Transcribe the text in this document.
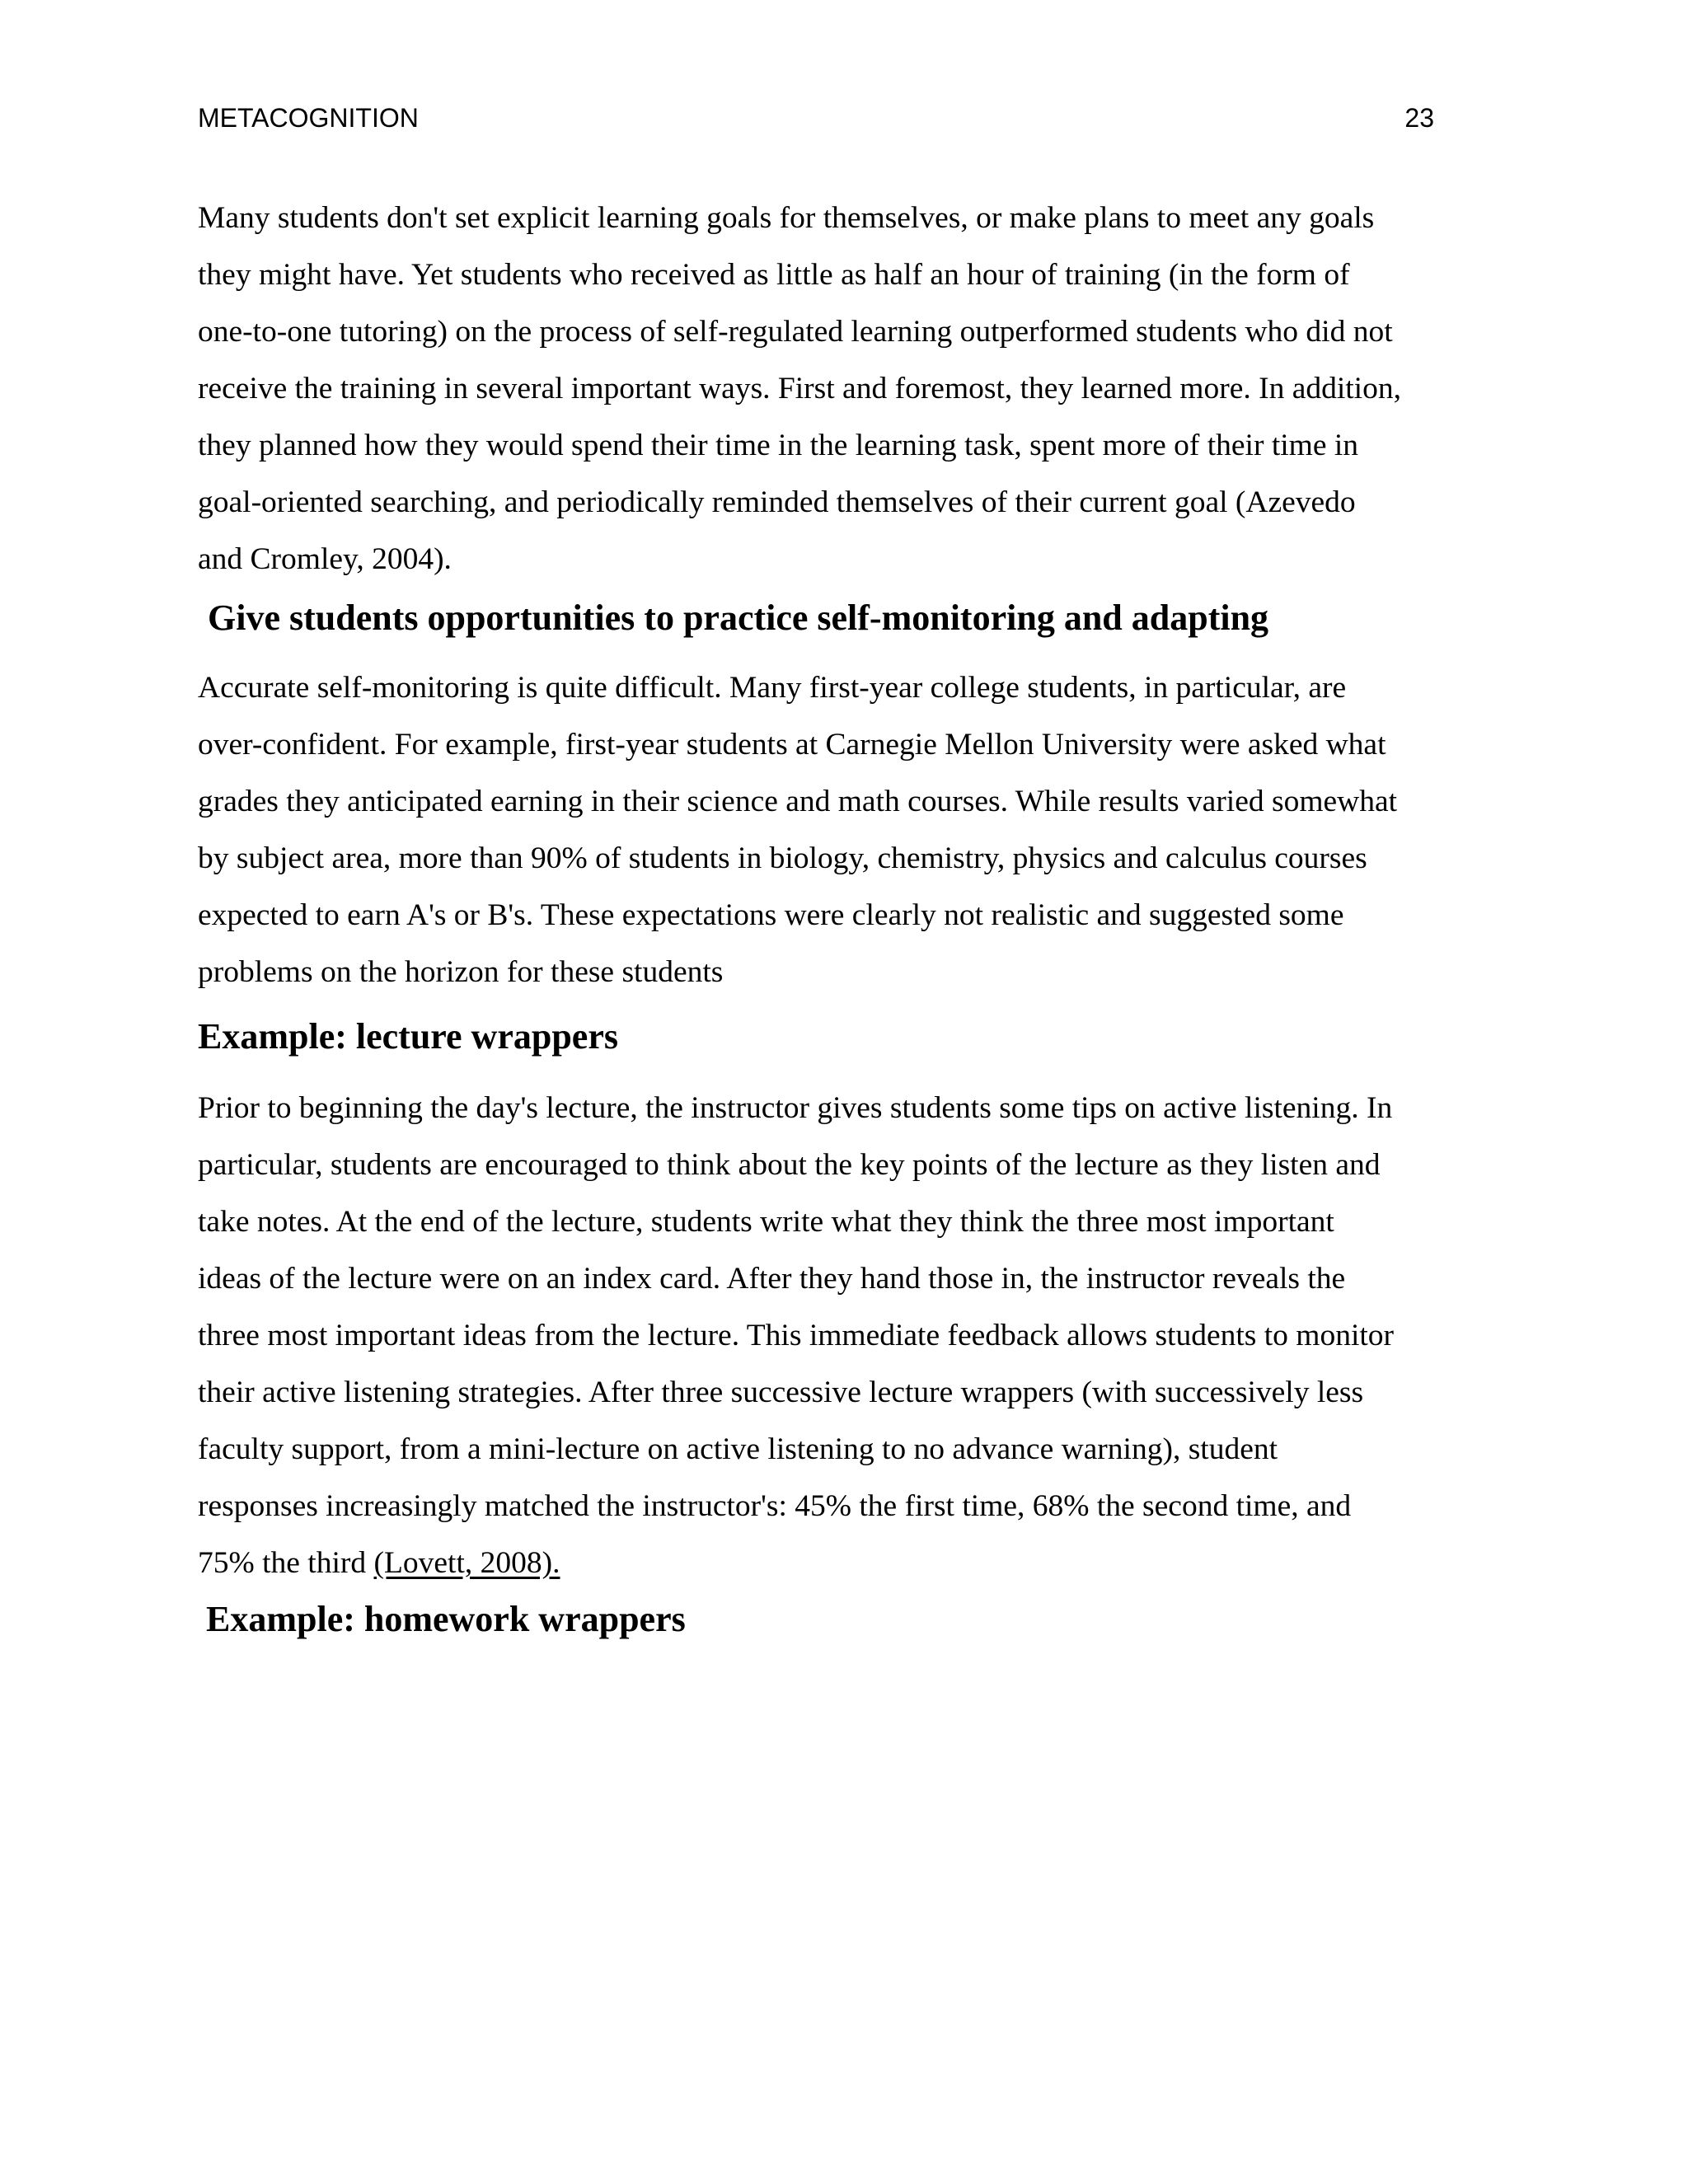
METACOGNITION	23

Many students don't set explicit learning goals for themselves, or make plans to meet any goals
they might have. Yet students who received as little as half an hour of training (in the form of
one-to-one tutoring) on the process of self-regulated learning outperformed students who did not
receive the training in several important ways. First and foremost, they learned more. In addition,
they planned how they would spend their time in the learning task, spent more of their time in
goal-oriented searching, and periodically reminded themselves of their current goal (Azevedo
and Cromley, 2004).

Give students opportunities to practice self-monitoring and adapting

Accurate self-monitoring is quite difficult. Many first-year college students, in particular, are
over-confident. For example, first-year students at Carnegie Mellon University were asked what
grades they anticipated earning in their science and math courses. While results varied somewhat
by subject area, more than 90% of students in biology, chemistry, physics and calculus courses
expected to earn A's or B's. These expectations were clearly not realistic and suggested some
problems on the horizon for these students

Example: lecture wrappers

Prior to beginning the day's lecture, the instructor gives students some tips on active listening. In
particular, students are encouraged to think about the key points of the lecture as they listen and
take notes. At the end of the lecture, students write what they think the three most important
ideas of the lecture were on an index card. After they hand those in, the instructor reveals the
three most important ideas from the lecture. This immediate feedback allows students to monitor
their active listening strategies. After three successive lecture wrappers (with successively less
faculty support, from a mini-lecture on active listening to no advance warning), student
responses increasingly matched the instructor's: 45% the first time, 68% the second time, and
75% the third (Lovett, 2008).

Example: homework wrappers
